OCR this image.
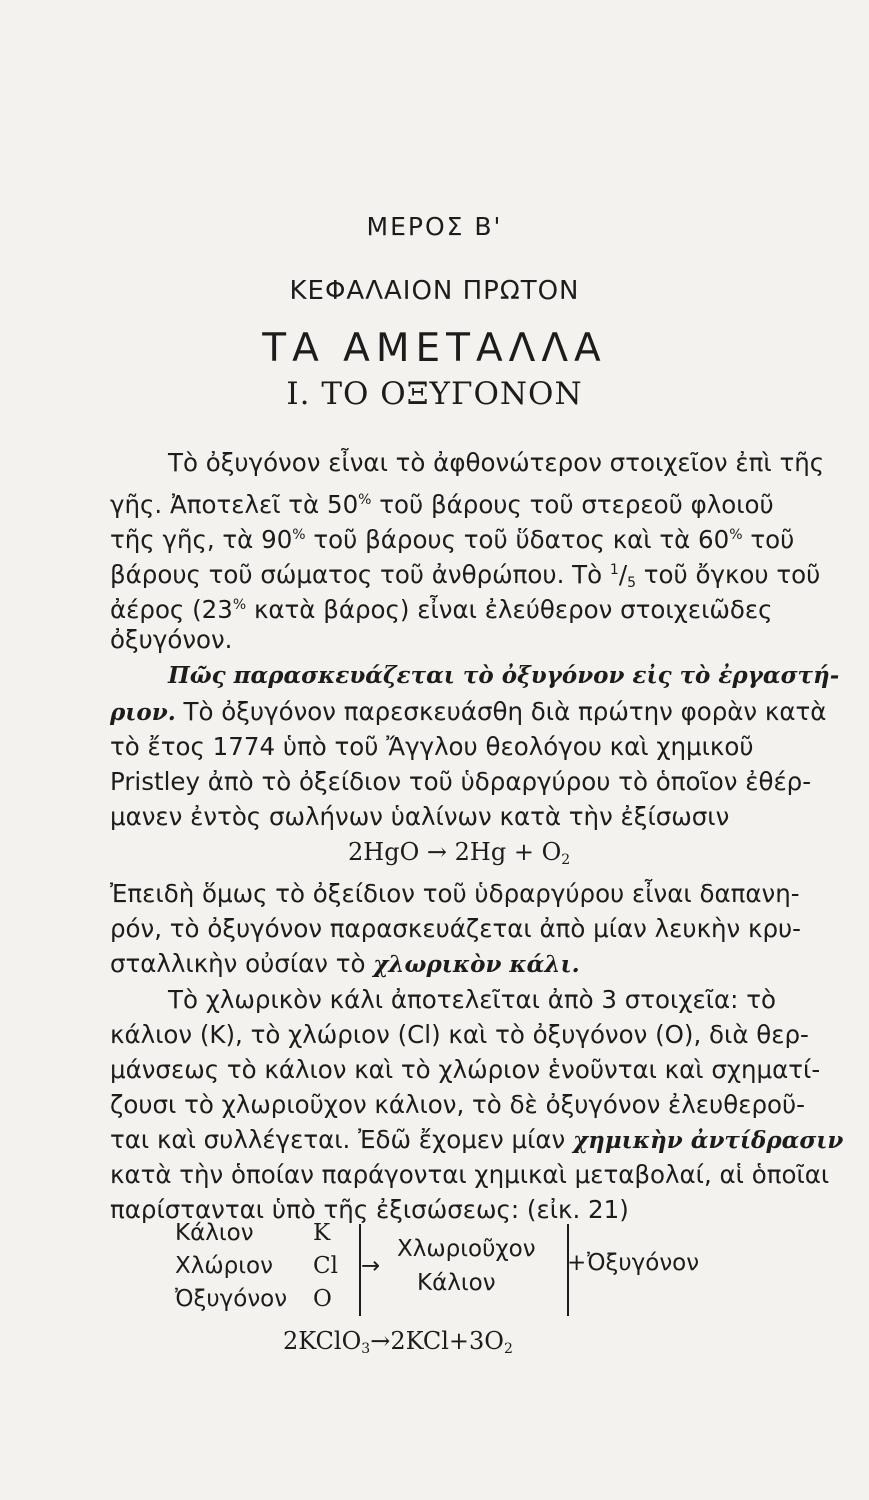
ΜΕΡΟΣ Β'
ΚΕΦΑΛΑΙΟΝ ΠΡΩΤΟΝ
ΤΑ ΑΜΕΤΑΛΛΑ
Ι. ΤΟ ΟΞΥΓΟΝΟΝ
Τὸ ὀξυγόνον εἶναι τὸ ἀφθονώτερον στοιχεῖον ἐπὶ τῆς
γῆς. Ἀποτελεῖ τὰ 50% τοῦ βάρους τοῦ στερεοῦ φλοιοῦ
τῆς γῆς, τὰ 90% τοῦ βάρους τοῦ ὕδατος καὶ τὰ 60% τοῦ
βάρους τοῦ σώματος τοῦ ἀνθρώπου. Τὸ $^1/_5$ τοῦ ὄγκου τοῦ
ἀέρος (23% κατὰ βάρος) εἶναι ἐλεύθερον στοιχειῶδες
ὀξυγόνον.
Πῶς παρασκευάζεται τὸ ὀξυγόνον εἰς τὸ ἐργαστή-
ριον. Τὸ ὀξυγόνον παρεσκευάσθη διὰ πρώτην φορὰν κατὰ
τὸ ἔτος 1774 ὑπὸ τοῦ Ἄγγλου θεολόγου καὶ χημικοῦ
Pristley ἀπὸ τὸ ὀξείδιον τοῦ ὑδραργύρου τὸ ὁποῖον ἐθέρ-
μανεν ἐντὸς σωλήνων ὑαλίνων κατὰ τὴν ἐξίσωσιν
$2HgO \to 2Hg + O_2$
Ἐπειδὴ ὅμως τὸ ὀξείδιον τοῦ ὑδραργύρου εἶναι δαπανη-
ρόν, τὸ ὀξυγόνον παρασκευάζεται ἀπὸ μίαν λευκὴν κρυ-
σταλλικὴν οὐσίαν τὸ χλωρικὸν κάλι.
Τὸ χλωρικὸν κάλι ἀποτελεῖται ἀπὸ 3 στοιχεῖα: τὸ
κάλιον (K), τὸ χλώριον (Cl) καὶ τὸ ὀξυγόνον (O), διὰ θερ-
μάνσεως τὸ κάλιον καὶ τὸ χλώριον ἑνοῦνται καὶ σχηματί-
ζουσι τὸ χλωριοῦχον κάλιον, τὸ δὲ ὀξυγόνον ἐλευθεροῦ-
ται καὶ συλλέγεται. Ἐδῶ ἔχομεν μίαν χημικὴν ἀντίδρασιν
κατὰ τὴν ὁποίαν παράγονται χημικαὶ μεταβολαί, αἱ ὁποῖαι
παρίστανται ὑπὸ τῆς ἐξισώσεως: (εἰκ. 21)
Κάλιον	K
Χλώριον Cl
Ὀξυγόνον O
→
Χλωριοῦχον
Κάλιον
+ Ὀξυγόνον
$2KClO_3\to 2KCl+3O_2$
